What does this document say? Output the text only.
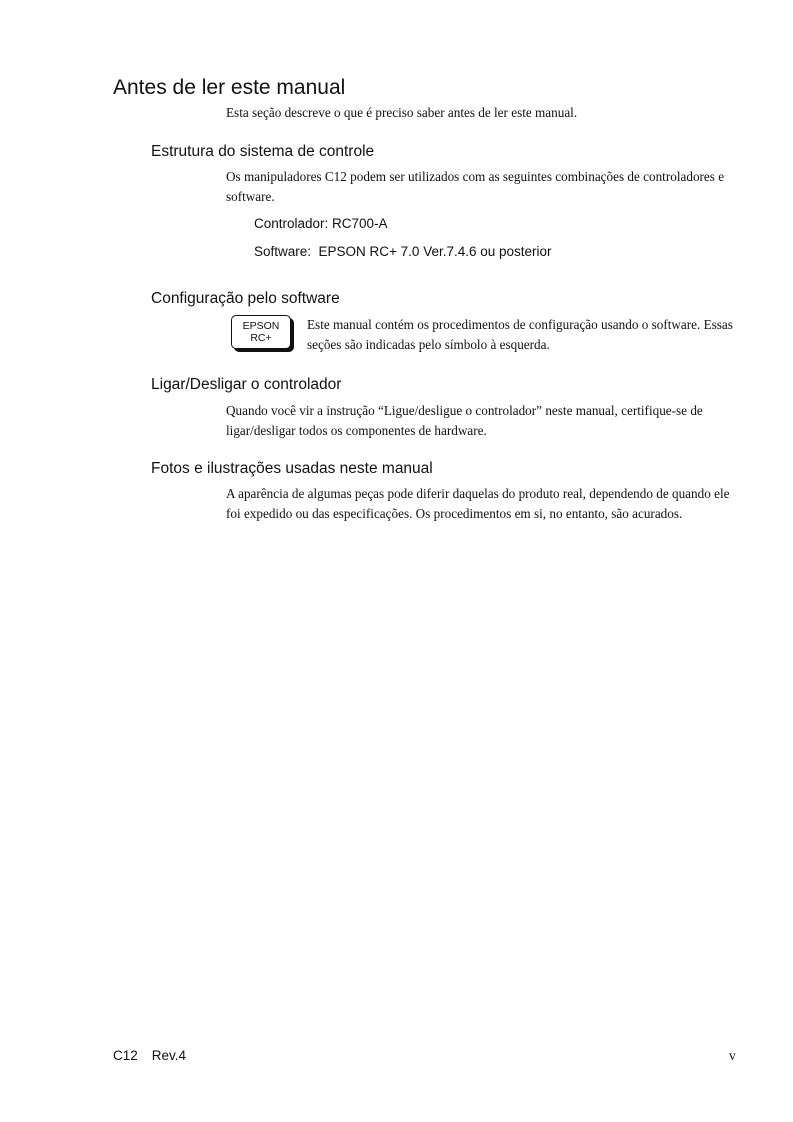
Antes de ler este manual

Esta seção descreve o que é preciso saber antes de ler este manual.

Estrutura do sistema de controle

Os manipuladores C12 podem ser utilizados com as seguintes combinações de controladores e software.

Controlador: RC700-A

Software:  EPSON RC+ 7.0 Ver.7.4.6 ou posterior

Configuração pelo software
EPSON
RC+

Este manual contém os procedimentos de configuração usando o software. Essas seções são indicadas pelo símbolo à esquerda.

Ligar/Desligar o controlador

Quando você vir a instrução “Ligue/desligue o controlador” neste manual, certifique-se de ligar/desligar todos os componentes de hardware.

Fotos e ilustrações usadas neste manual

A aparência de algumas peças pode diferir daquelas do produto real, dependendo de quando ele foi expedido ou das especificações. Os procedimentos em si, no entanto, são acurados.

C12 Rev.4	v
